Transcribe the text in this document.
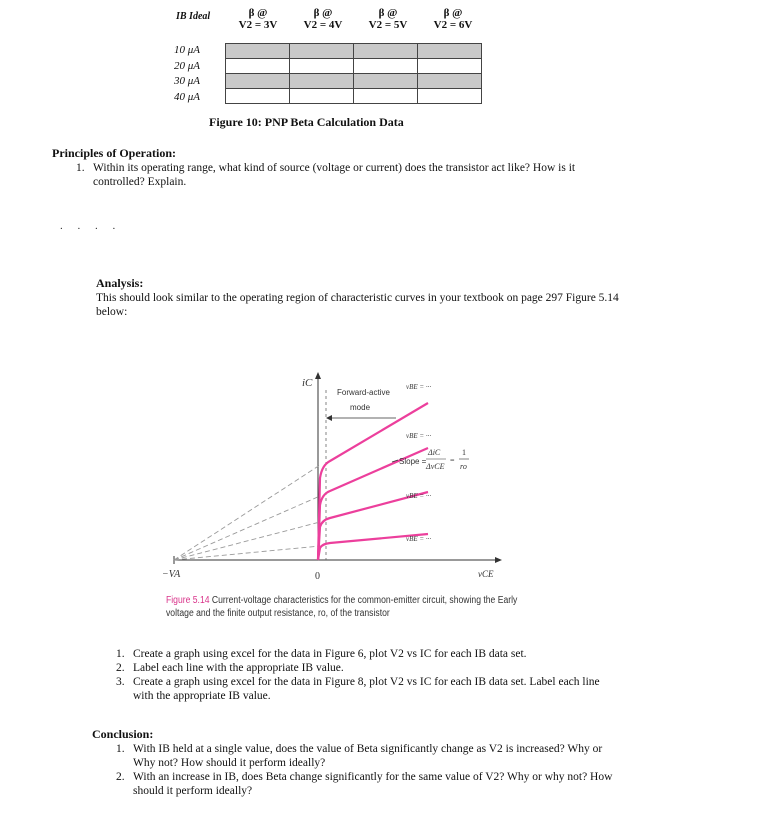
IB Ideal	β @
V2 = 3V
β @
V2 = 4V
β @
V2 = 5V
β @
V2 = 6V
10 μA
20 μA
30 μA
40 μA
Figure 10: PNP Beta Calculation Data
Principles of Operation:
1. Within its operating range, what kind of source (voltage or current) does the transistor act like? How is it controlled? Explain.
. . . .
Analysis:
This should look similar to the operating region of characteristic curves in your textbook on page 297 Figure 5.14 below:
iC
vCE
0
−VA
Forward-active
mode
vBE = ···
vBE = ···
vBE = ···
vBE = ···
Slope =
ΔiC
ΔvCE
=
1
ro
Figure 5.14 Current-voltage characteristics for the common-emitter circuit, showing the Early voltage and the finite output resistance, ro, of the transistor
1. Create a graph using excel for the data in Figure 6, plot V2 vs IC for each IB data set.
2. Label each line with the appropriate IB value.
3. Create a graph using excel for the data in Figure 8, plot V2 vs IC for each IB data set. Label each line with the appropriate IB value.
Conclusion:
1. With IB held at a single value, does the value of Beta significantly change as V2 is increased? Why or Why not? How should it perform ideally?
2. With an increase in IB, does Beta change significantly for the same value of V2? Why or why not? How should it perform ideally?
